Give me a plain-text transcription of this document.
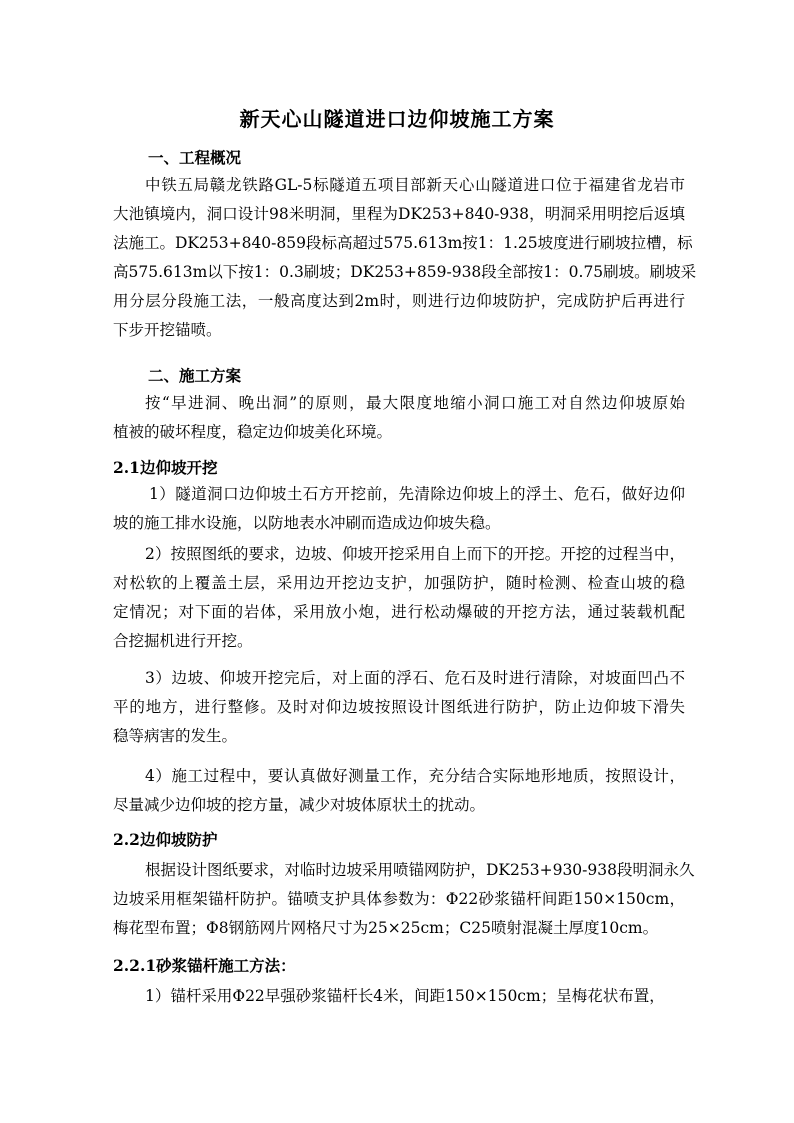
新天心山隧道进口边仰坡施工方案
一、工程概况
中铁五局赣龙铁路GL-5标隧道五项目部新天心山隧道进口位于福建省龙岩市
大池镇境内，洞口设计98米明洞，里程为DK253+840-938，明洞采用明挖后返填
法施工。DK253+840-859段标高超过575.613m按1：1.25坡度进行刷坡拉槽，标
高575.613m以下按1：0.3刷坡；DK253+859-938段全部按1：0.75刷坡。刷坡采
用分层分段施工法，一般高度达到2m时，则进行边仰坡防护，完成防护后再进行
下步开挖锚喷。
二、施工方案
按“早进洞、晚出洞”的原则，最大限度地缩小洞口施工对自然边仰坡原始
植被的破坏程度，稳定边仰坡美化环境。
2.1边仰坡开挖
1）隧道洞口边仰坡土石方开挖前，先清除边仰坡上的浮土、危石，做好边仰
坡的施工排水设施，以防地表水冲刷而造成边仰坡失稳。
2）按照图纸的要求，边坡、仰坡开挖采用自上而下的开挖。开挖的过程当中，
对松软的上覆盖土层，采用边开挖边支护，加强防护，随时检测、检查山坡的稳
定情况；对下面的岩体，采用放小炮，进行松动爆破的开挖方法，通过装载机配
合挖掘机进行开挖。
3）边坡、仰坡开挖完后，对上面的浮石、危石及时进行清除，对坡面凹凸不
平的地方，进行整修。及时对仰边坡按照设计图纸进行防护，防止边仰坡下滑失
稳等病害的发生。
4）施工过程中，要认真做好测量工作，充分结合实际地形地质，按照设计，
尽量减少边仰坡的挖方量，减少对坡体原状土的扰动。
2.2边仰坡防护
根据设计图纸要求，对临时边坡采用喷锚网防护，DK253+930-938段明洞永久
边坡采用框架锚杆防护。锚喷支护具体参数为：Φ22砂浆锚杆间距150×150cm，
梅花型布置；Φ8钢筋网片网格尺寸为25×25cm；C25喷射混凝土厚度10cm。
2.2.1砂浆锚杆施工方法：
1）锚杆采用Φ22早强砂浆锚杆长4米，间距150×150cm；呈梅花状布置，
